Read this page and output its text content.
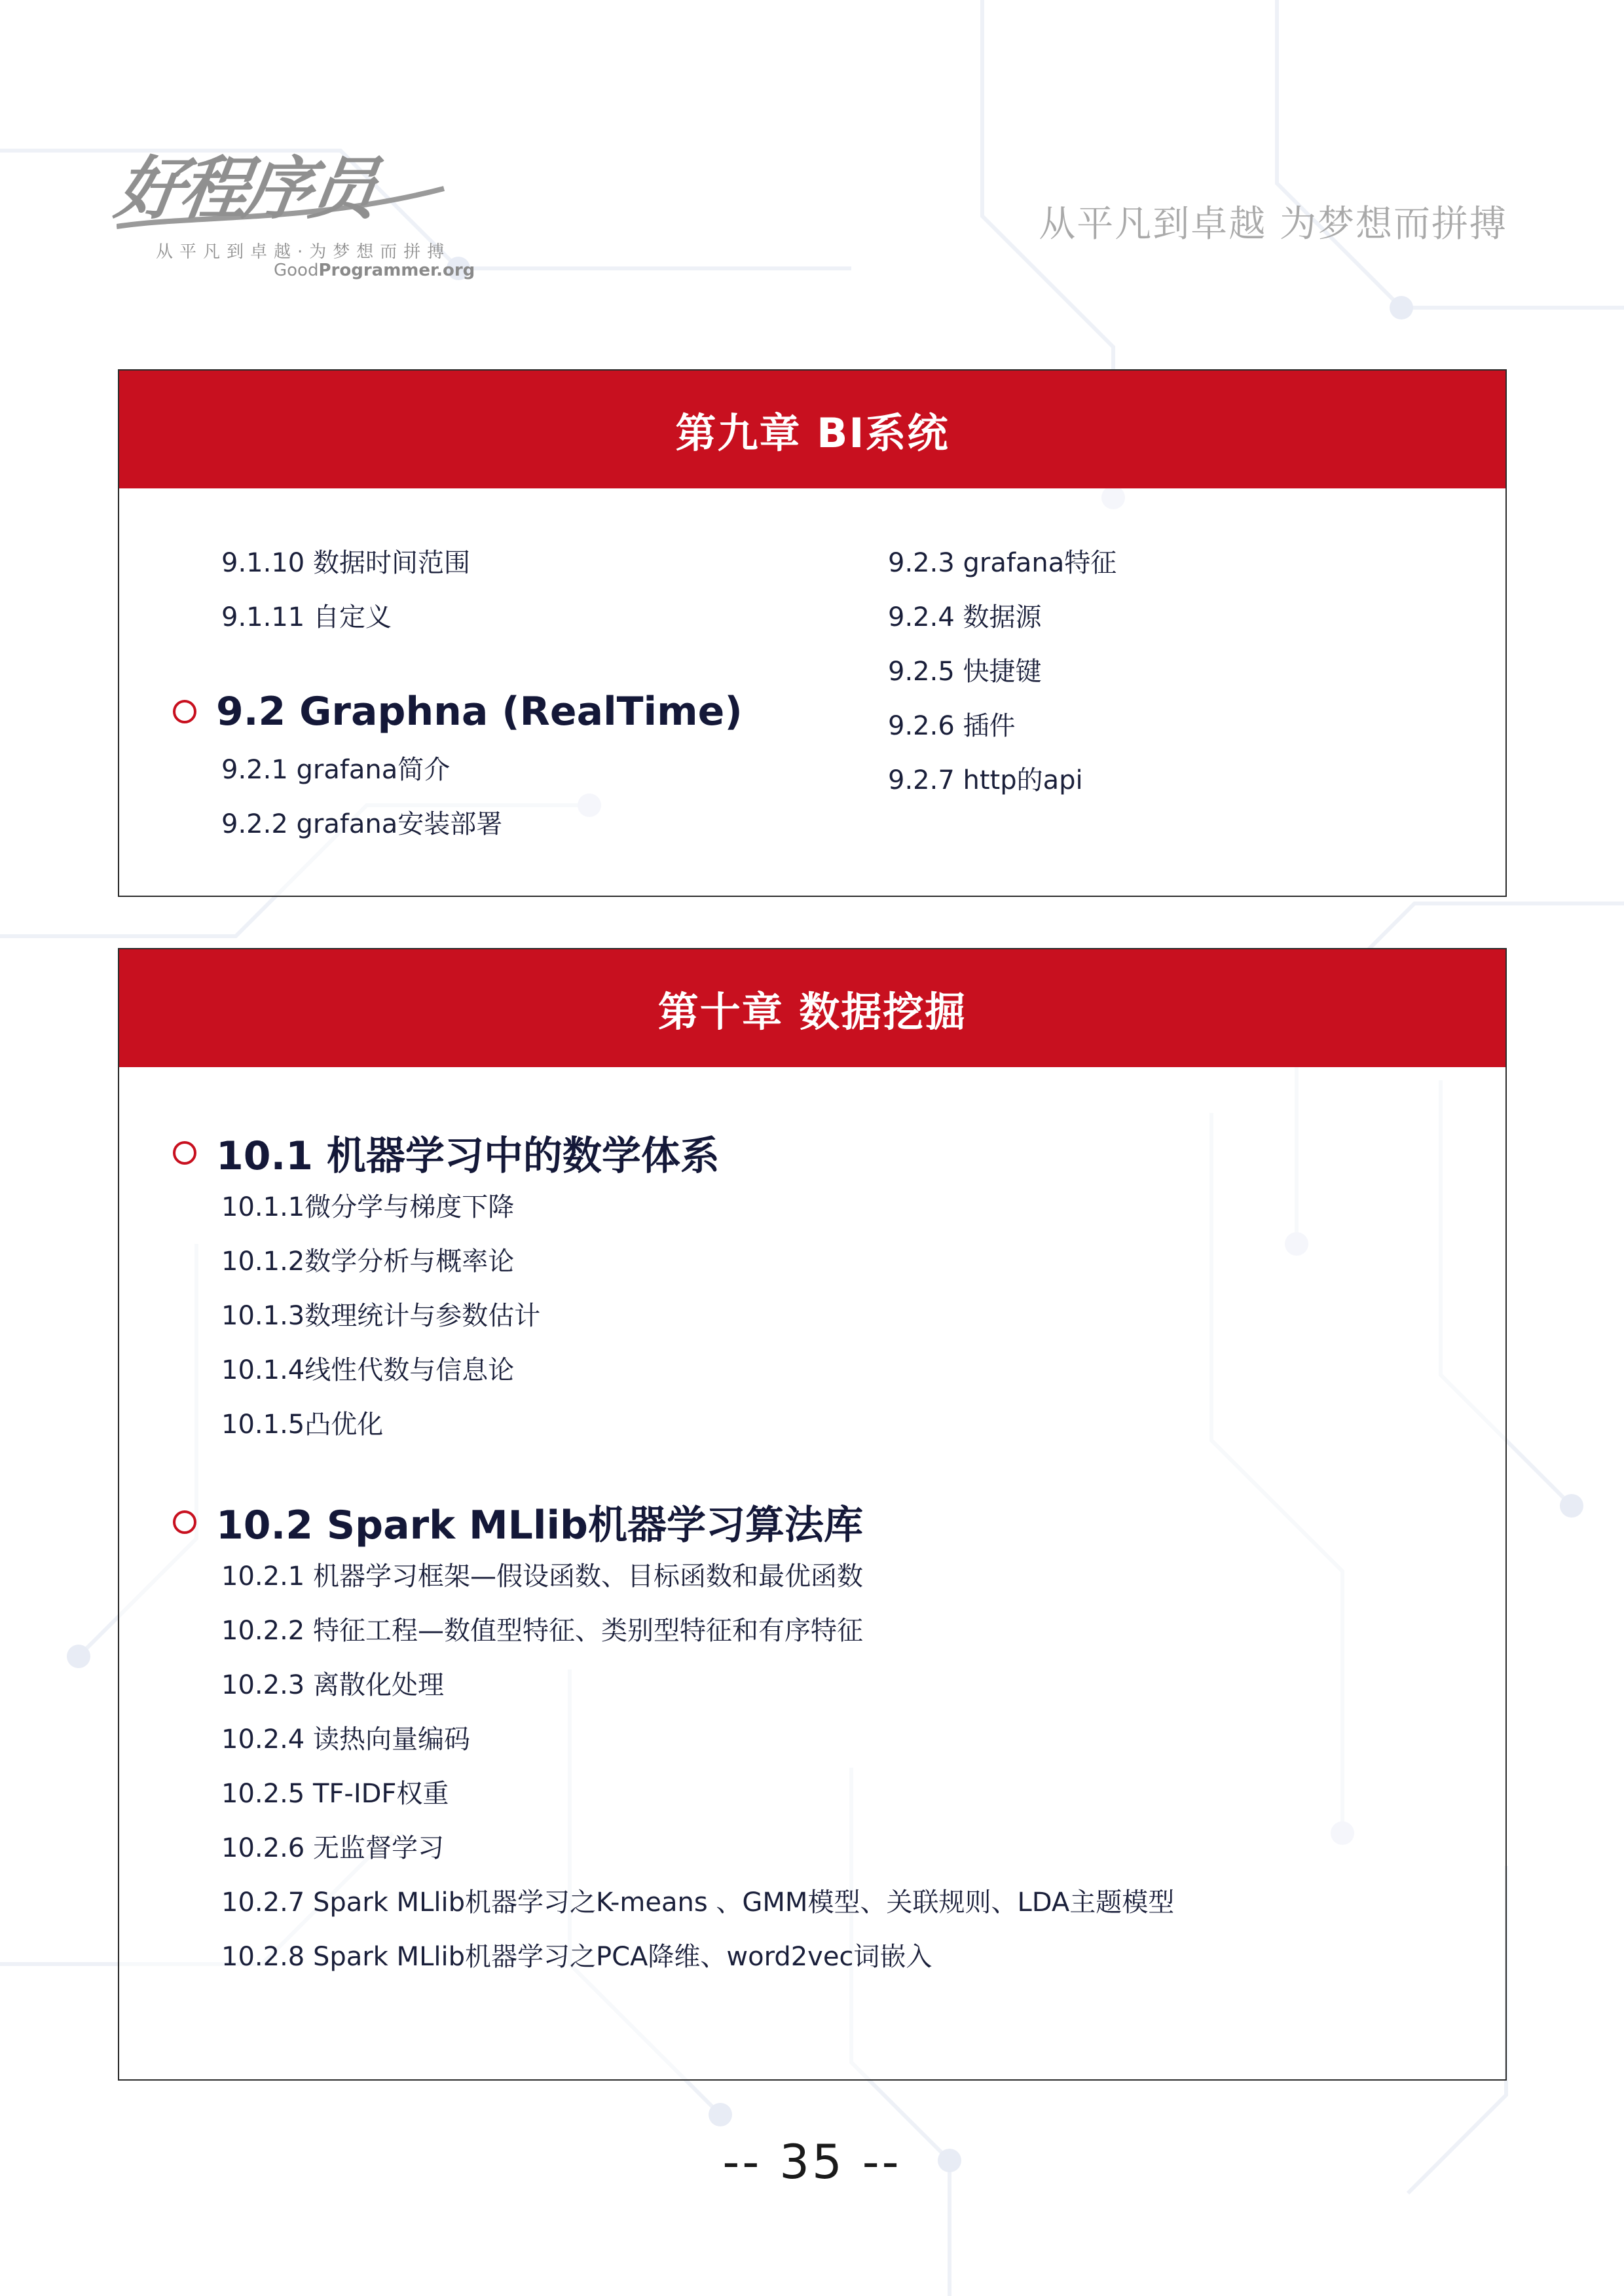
好程序员
从平凡到卓越·为梦想而拼搏
GoodProgrammer.org
从平凡到卓越 为梦想而拼搏
第九章 BI系统
9.1.10 数据时间范围
9.1.11 自定义
9.2 Graphna (RealTime)
9.2.1 grafana简介
9.2.2 grafana安装部署
9.2.3 grafana特征
9.2.4 数据源
9.2.5 快捷键
9.2.6 插件
9.2.7 http的api
第十章 数据挖掘
10.1 机器学习中的数学体系
10.1.1微分学与梯度下降
10.1.2数学分析与概率论
10.1.3数理统计与参数估计
10.1.4线性代数与信息论
10.1.5凸优化
10.2 Spark MLlib机器学习算法库
10.2.1 机器学习框架—假设函数、目标函数和最优函数
10.2.2 特征工程—数值型特征、类别型特征和有序特征
10.2.3 离散化处理
10.2.4 读热向量编码
10.2.5 TF-IDF权重
10.2.6 无监督学习
10.2.7 Spark MLlib机器学习之K-means 、GMM模型、关联规则、LDA主题模型
10.2.8 Spark MLlib机器学习之PCA降维、word2vec词嵌入
-- 35 --
